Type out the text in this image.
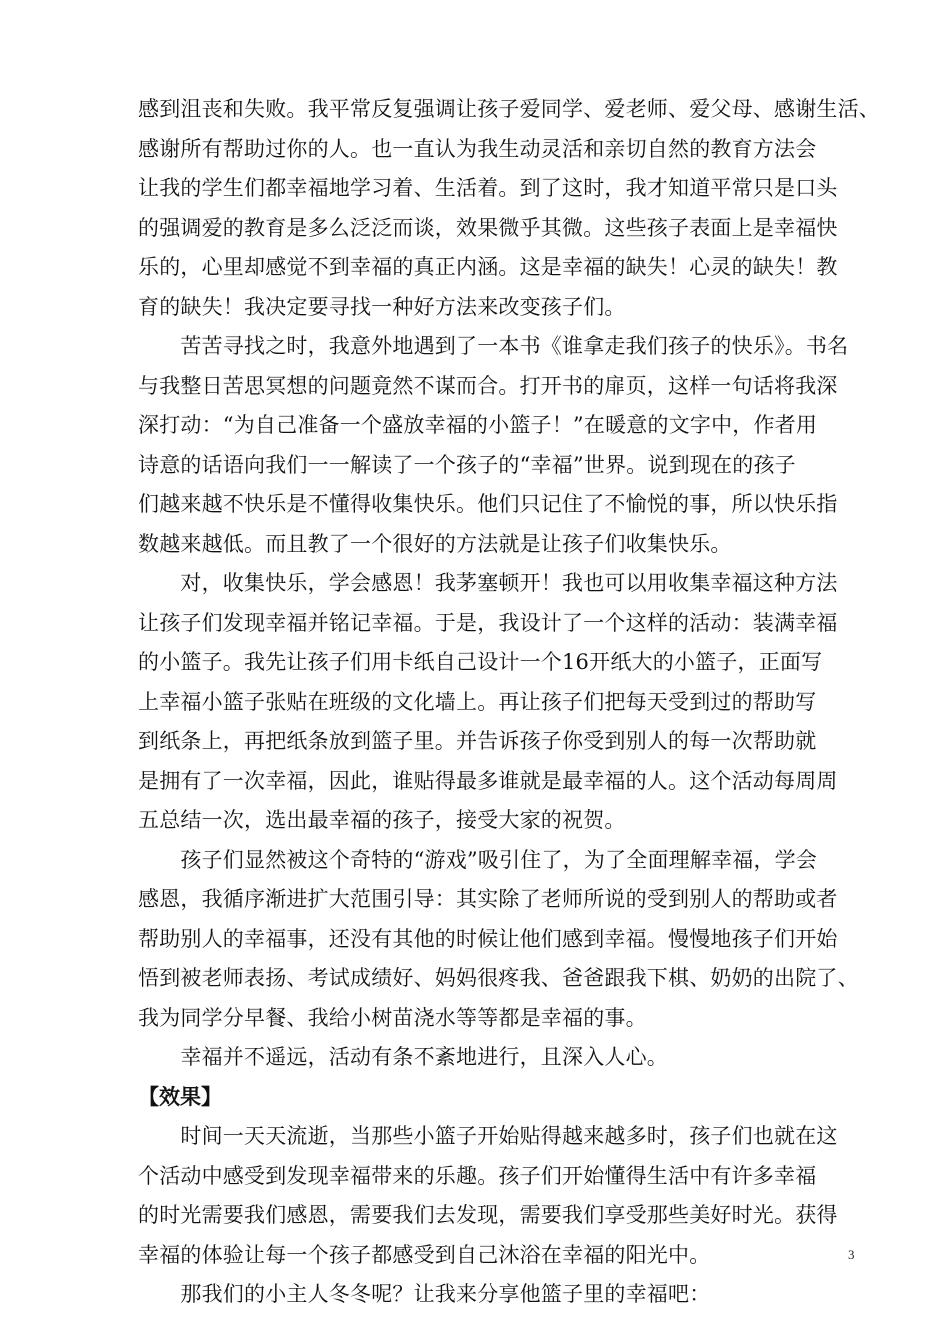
感到沮丧和失败。我平常反复强调让孩子爱同学、爱老师、爱父母、感谢生活、
感谢所有帮助过你的人。也一直认为我生动灵活和亲切自然的教育方法会
让我的学生们都幸福地学习着、生活着。到了这时，我才知道平常只是口头
的强调爱的教育是多么泛泛而谈，效果微乎其微。这些孩子表面上是幸福快
乐的，心里却感觉不到幸福的真正内涵。这是幸福的缺失！心灵的缺失！教
育的缺失！我决定要寻找一种好方法来改变孩子们。
　　苦苦寻找之时，我意外地遇到了一本书《谁拿走我们孩子的快乐》。书名
与我整日苦思冥想的问题竟然不谋而合。打开书的扉页，这样一句话将我深
深打动：“为自己准备一个盛放幸福的小篮子！”在暖意的文字中，作者用
诗意的话语向我们一一解读了一个孩子的“幸福”世界。说到现在的孩子
们越来越不快乐是不懂得收集快乐。他们只记住了不愉悦的事，所以快乐指
数越来越低。而且教了一个很好的方法就是让孩子们收集快乐。
　　对，收集快乐，学会感恩！我茅塞顿开！我也可以用收集幸福这种方法
让孩子们发现幸福并铭记幸福。于是，我设计了一个这样的活动：装满幸福
的小篮子。我先让孩子们用卡纸自己设计一个16开纸大的小篮子，正面写
上幸福小篮子张贴在班级的文化墙上。再让孩子们把每天受到过的帮助写
到纸条上，再把纸条放到篮子里。并告诉孩子你受到别人的每一次帮助就
是拥有了一次幸福，因此，谁贴得最多谁就是最幸福的人。这个活动每周周
五总结一次，选出最幸福的孩子，接受大家的祝贺。
　　孩子们显然被这个奇特的“游戏”吸引住了，为了全面理解幸福，学会
感恩，我循序渐进扩大范围引导：其实除了老师所说的受到别人的帮助或者
帮助别人的幸福事，还没有其他的时候让他们感到幸福。慢慢地孩子们开始
悟到被老师表扬、考试成绩好、妈妈很疼我、爸爸跟我下棋、奶奶的出院了、
我为同学分早餐、我给小树苗浇水等等都是幸福的事。
　　幸福并不遥远，活动有条不紊地进行，且深入人心。
【效果】
　　时间一天天流逝，当那些小篮子开始贴得越来越多时，孩子们也就在这
个活动中感受到发现幸福带来的乐趣。孩子们开始懂得生活中有许多幸福
的时光需要我们感恩，需要我们去发现，需要我们享受那些美好时光。获得
幸福的体验让每一个孩子都感受到自己沐浴在幸福的阳光中。
　　那我们的小主人冬冬呢？让我来分享他篮子里的幸福吧：
3
